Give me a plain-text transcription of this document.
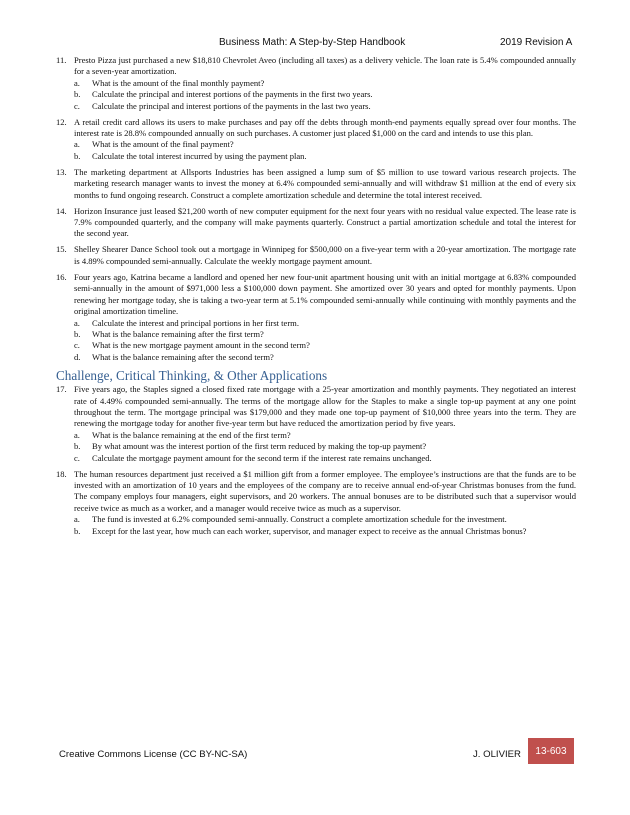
Business Math: A Step-by-Step Handbook	2019 Revision A
11. Presto Pizza just purchased a new $18,810 Chevrolet Aveo (including all taxes) as a delivery vehicle. The loan rate is 5.4% compounded annually for a seven-year amortization.

a. What is the amount of the final monthly payment?
b. Calculate the principal and interest portions of the payments in the first two years.
c. Calculate the principal and interest portions of the payments in the last two years.
12. A retail credit card allows its users to make purchases and pay off the debts through month-end payments equally spread over four months. The interest rate is 28.8% compounded annually on such purchases. A customer just placed $1,000 on the card and intends to use this plan.

a. What is the amount of the final payment?
b. Calculate the total interest incurred by using the payment plan.
13. The marketing department at Allsports Industries has been assigned a lump sum of $5 million to use toward various research projects. The marketing research manager wants to invest the money at 6.4% compounded semi-annually and will withdraw $1 million at the end of every six months to fund ongoing research. Construct a complete amortization schedule and determine the total interest received.

14. Horizon Insurance just leased $21,200 worth of new computer equipment for the next four years with no residual value expected. The lease rate is 7.9% compounded quarterly, and the company will make payments quarterly. Construct a partial amortization schedule and total the interest for the second year.

15. Shelley Shearer Dance School took out a mortgage in Winnipeg for $500,000 on a five-year term with a 20-year amortization. The mortgage rate is 4.89% compounded semi-annually. Calculate the weekly mortgage payment amount.

16. Four years ago, Katrina became a landlord and opened her new four-unit apartment housing unit with an initial mortgage at 6.83% compounded semi-annually in the amount of $971,000 less a $100,000 down payment. She amortized over 30 years and opted for monthly payments. Upon renewing her mortgage today, she is taking a two-year term at 5.1% compounded semi-annually while continuing with monthly payments and the original amortization timeline.

a. Calculate the interest and principal portions in her first term.
b. What is the balance remaining after the first term?
c. What is the new mortgage payment amount in the second term?
d. What is the balance remaining after the second term?
Challenge, Critical Thinking, & Other Applications
17. Five years ago, the Staples signed a closed fixed rate mortgage with a 25-year amortization and monthly payments. They negotiated an interest rate of 4.49% compounded semi-annually. The terms of the mortgage allow for the Staples to make a single top-up payment at any one point throughout the term. The mortgage principal was $179,000 and they made one top-up payment of $10,000 three years into the term. They are renewing the mortgage today for another five-year term but have reduced the amortization period by five years.

a. What is the balance remaining at the end of the first term?
b. By what amount was the interest portion of the first term reduced by making the top-up payment?
c. Calculate the mortgage payment amount for the second term if the interest rate remains unchanged.
18. The human resources department just received a $1 million gift from a former employee. The employee’s instructions are that the funds are to be invested with an amortization of 10 years and the employees of the company are to receive annual end-of-year Christmas bonuses from the fund. The company employs four managers, eight supervisors, and 20 workers. The annual bonuses are to be distributed such that a supervisor would receive twice as much as a worker, and a manager would receive twice as much as a supervisor.

a. The fund is invested at 6.2% compounded semi-annually. Construct a complete amortization schedule for the investment.
b. Except for the last year, how much can each worker, supervisor, and manager expect to receive as the annual Christmas bonus?
Creative Commons License (CC BY-NC-SA)	J. OLIVIER	13-603
